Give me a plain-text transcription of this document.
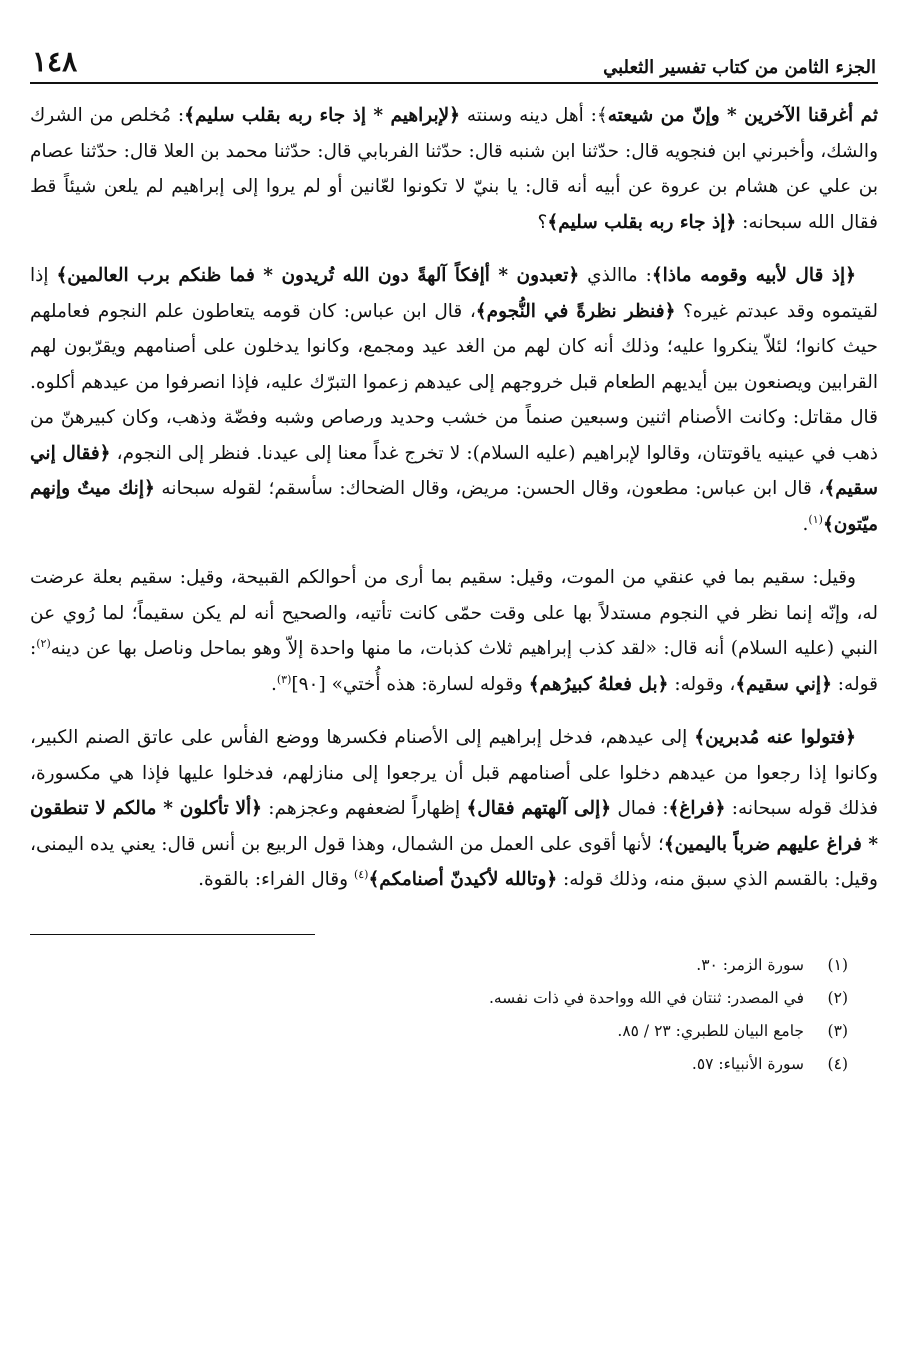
الجزء الثامن من كتاب تفسير الثعلبي
١٤٨

ثم أغرقنا الآخرين * وإنّ من شيعته﴾: أهل دينه وسنته ﴿لإبراهيم * إذ جاء ربه بقلب سليم﴾: مُخلص من الشرك والشك، وأخبرني ابن فنجويه قال: حدّثنا ابن شنبه قال: حدّثنا الفربابي قال: حدّثنا محمد بن العلا قال: حدّثنا عصام بن علي عن هشام بن عروة عن أبيه أنه قال: يا بنيّ لا تكونوا لعّانين أو لم يروا إلى إبراهيم لم يلعن شيئاً قط فقال الله سبحانه: ﴿إذ جاء ربه بقلب سليم﴾؟

﴿إذ قال لأبيه وقومه ماذا﴾: ماالذي ﴿تعبدون * أإفكاً آلهةً دون الله تُريدون * فما ظنكم برب العالمين﴾ إذا لقيتموه وقد عبدتم غيره؟ ﴿فنظر نظرةً في النُّجوم﴾، قال ابن عباس: كان قومه يتعاطون علم النجوم فعاملهم حيث كانوا؛ لئلاّ ينكروا عليه؛ وذلك أنه كان لهم من الغد عيد ومجمع، وكانوا يدخلون على أصنامهم ويقرّبون لهم القرابين ويصنعون بين أيديهم الطعام قبل خروجهم إلى عيدهم زعموا التبرّك عليه، فإذا انصرفوا من عيدهم أكلوه. قال مقاتل: وكانت الأصنام اثنين وسبعين صنماً من خشب وحديد ورصاص وشبه وفضّة وذهب، وكان كبيرهنّ من ذهب في عينيه ياقوتتان، وقالوا لإبراهيم (عليه السلام): لا تخرج غداً معنا إلى عيدنا. فنظر إلى النجوم، ﴿فقال إني سقيم﴾، قال ابن عباس: مطعون، وقال الحسن: مريض، وقال الضحاك: سأسقم؛ لقوله سبحانه ﴿إنك ميتٌ وإنهم ميّتون﴾$^{(١)}$.

وقيل: سقيم بما في عنقي من الموت، وقيل: سقيم بما أرى من أحوالكم القبيحة، وقيل: سقيم بعلة عرضت له، وإنّه إنما نظر في النجوم مستدلاً بها على وقت حمّى كانت تأتيه، والصحيح أنه لم يكن سقيماً؛ لما رُوي عن النبي (عليه السلام) أنه قال: «لقد كذب إبراهيم ثلاث كذبات، ما منها واحدة إلاّ وهو بماحل وناصل بها عن دينه$^{(٢)}$: قوله: ﴿إني سقيم﴾، وقوله: ﴿بل فعلهُ كبيرُهم﴾ وقوله لسارة: هذه أُختي» [٩٠]$^{(٣)}$.

﴿فتولوا عنه مُدبرين﴾ إلى عيدهم، فدخل إبراهيم إلى الأصنام فكسرها ووضع الفأس على عاتق الصنم الكبير، وكانوا إذا رجعوا من عيدهم دخلوا على أصنامهم قبل أن يرجعوا إلى منازلهم، فدخلوا عليها فإذا هي مكسورة، فذلك قوله سبحانه: ﴿فراغ﴾: فمال ﴿إلى آلهتهم فقال﴾ إظهاراً لضعفهم وعجزهم: ﴿ألا تأكلون * مالكم لا تنطقون * فراغ عليهم ضرباً باليمين﴾؛ لأنها أقوى على العمل من الشمال، وهذا قول الربيع بن أنس قال: يعني يده اليمنى، وقيل: بالقسم الذي سبق منه، وذلك قوله: ﴿وتالله لأكيدنّ أصنامكم﴾$^{(٤)}$ وقال الفراء: بالقوة.

(١)
سورة الزمر: ٣٠.
(٢)
في المصدر: ثنتان في الله وواحدة في ذات نفسه.
(٣)
جامع البيان للطبري: ٢٣ / ٨٥.
(٤)
سورة الأنبياء: ٥٧.
